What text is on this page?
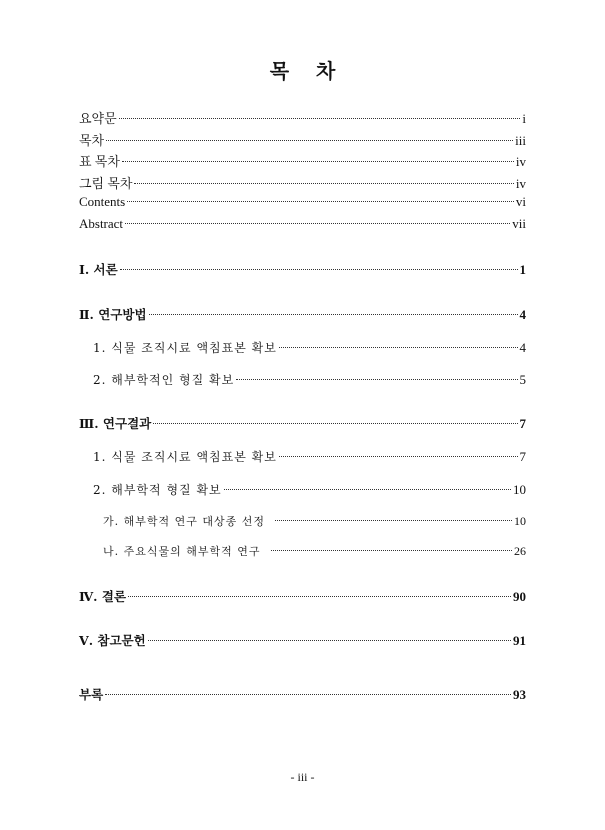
목 차
요약문	i
목차	iii
표 목차	iv
그림 목차	iv
Contents	vi
Abstract	vii
Ⅰ. 서론	1
Ⅱ. 연구방법	4
1. 식물 조직시료 액침표본 확보	4
2. 해부학적인 형질 확보	5
Ⅲ. 연구결과	7
1. 식물 조직시료 액침표본 확보	7
2. 해부학적 형질 확보	10
가. 해부학적 연구 대상종 선정	10
나. 주요식물의 해부학적 연구	26
Ⅳ. 결론	90
Ⅴ. 참고문헌	91
부록	93
- iii -
